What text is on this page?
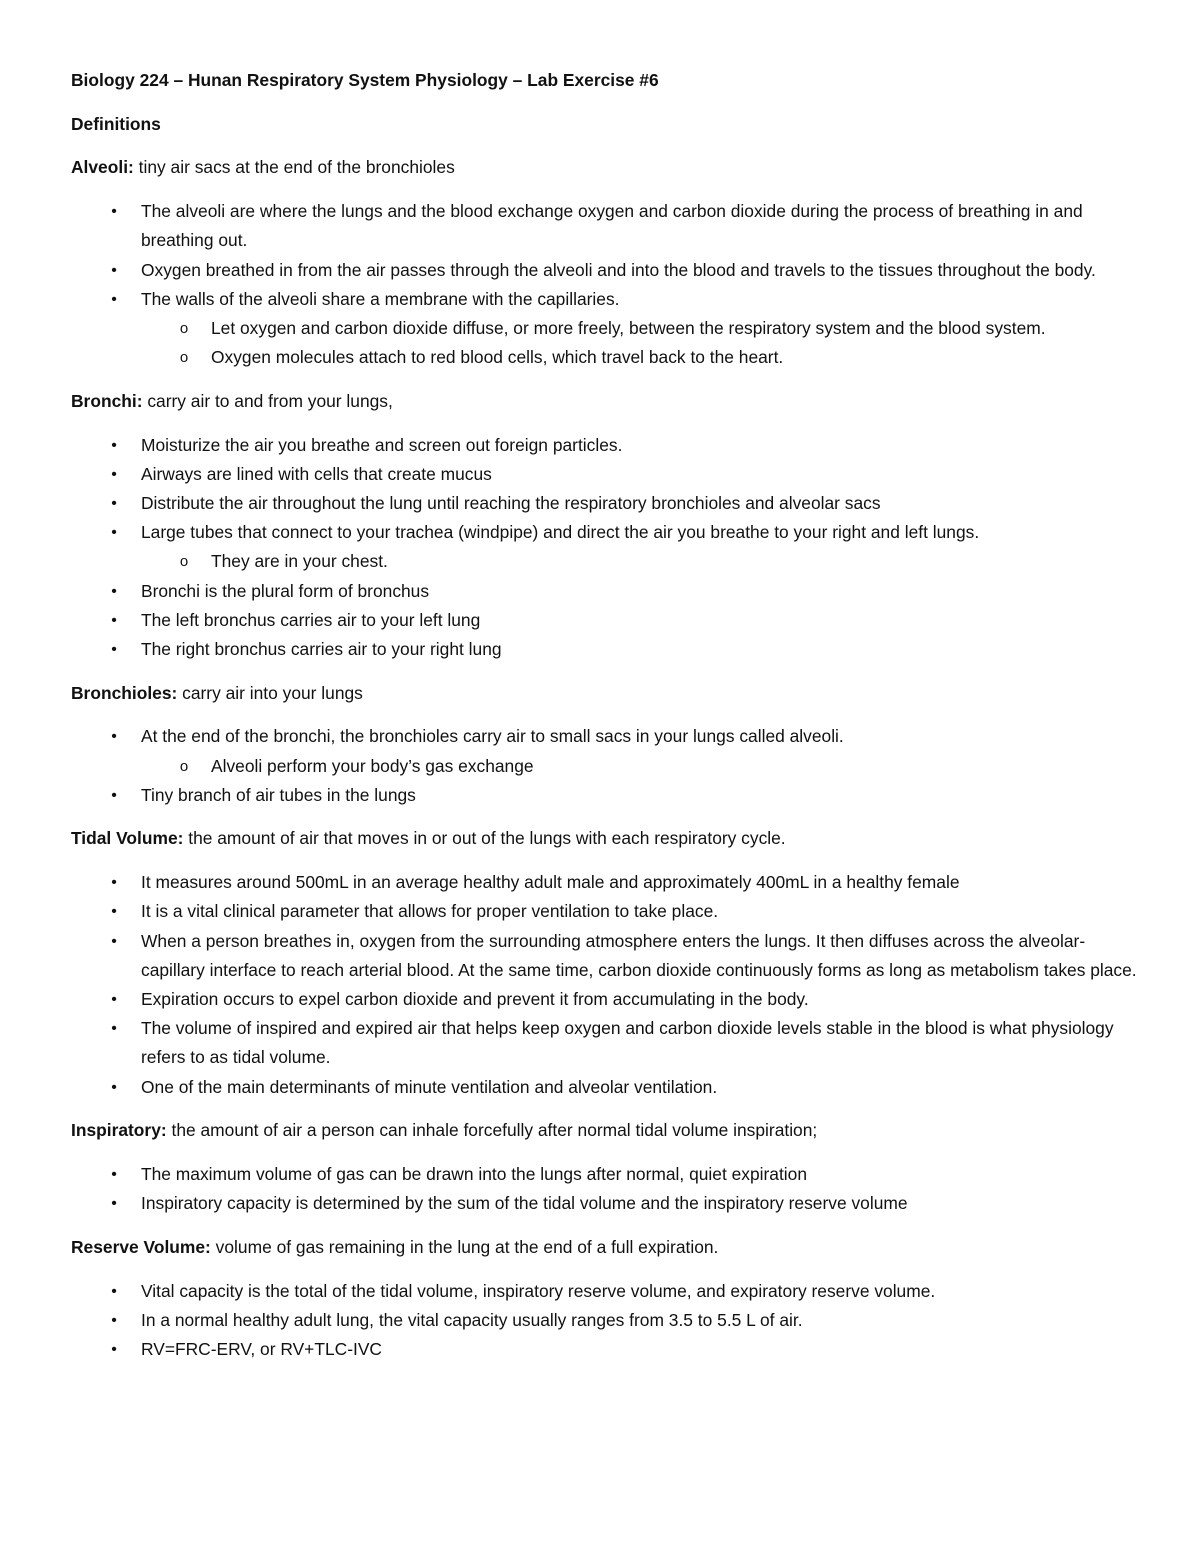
Biology 224 – Hunan Respiratory System Physiology – Lab Exercise #6

Definitions

Alveoli: tiny air sacs at the end of the bronchioles

•	The alveoli are where the lungs and the blood exchange oxygen and carbon dioxide during the process of breathing in and breathing out.
•	Oxygen breathed in from the air passes through the alveoli and into the blood and travels to the tissues throughout the body.
•	The walls of the alveoli share a membrane with the capillaries.
o	Let oxygen and carbon dioxide diffuse, or more freely, between the respiratory system and the blood system.
o	Oxygen molecules attach to red blood cells, which travel back to the heart.

Bronchi: carry air to and from your lungs,

•	Moisturize the air you breathe and screen out foreign particles.
•	Airways are lined with cells that create mucus
•	Distribute the air throughout the lung until reaching the respiratory bronchioles and alveolar sacs
•	Large tubes that connect to your trachea (windpipe) and direct the air you breathe to your right and left lungs.
o	They are in your chest.
•	Bronchi is the plural form of bronchus
•	The left bronchus carries air to your left lung
•	The right bronchus carries air to your right lung

Bronchioles: carry air into your lungs

•	At the end of the bronchi, the bronchioles carry air to small sacs in your lungs called alveoli.
o	Alveoli perform your body’s gas exchange
•	Tiny branch of air tubes in the lungs

Tidal Volume: the amount of air that moves in or out of the lungs with each respiratory cycle.

•	It measures around 500mL in an average healthy adult male and approximately 400mL in a healthy female
•	It is a vital clinical parameter that allows for proper ventilation to take place.
•	When a person breathes in, oxygen from the surrounding atmosphere enters the lungs. It then diffuses across the alveolar-capillary interface to reach arterial blood. At the same time, carbon dioxide continuously forms as long as metabolism takes place.
•	Expiration occurs to expel carbon dioxide and prevent it from accumulating in the body.
•	The volume of inspired and expired air that helps keep oxygen and carbon dioxide levels stable in the blood is what physiology refers to as tidal volume.
•	One of the main determinants of minute ventilation and alveolar ventilation.

Inspiratory: the amount of air a person can inhale forcefully after normal tidal volume inspiration;

•	The maximum volume of gas can be drawn into the lungs after normal, quiet expiration
•	Inspiratory capacity is determined by the sum of the tidal volume and the inspiratory reserve volume

Reserve Volume: volume of gas remaining in the lung at the end of a full expiration.

•	Vital capacity is the total of the tidal volume, inspiratory reserve volume, and expiratory reserve volume.
•	In a normal healthy adult lung, the vital capacity usually ranges from 3.5 to 5.5 L of air.
•	RV=FRC-ERV, or RV+TLC-IVC
